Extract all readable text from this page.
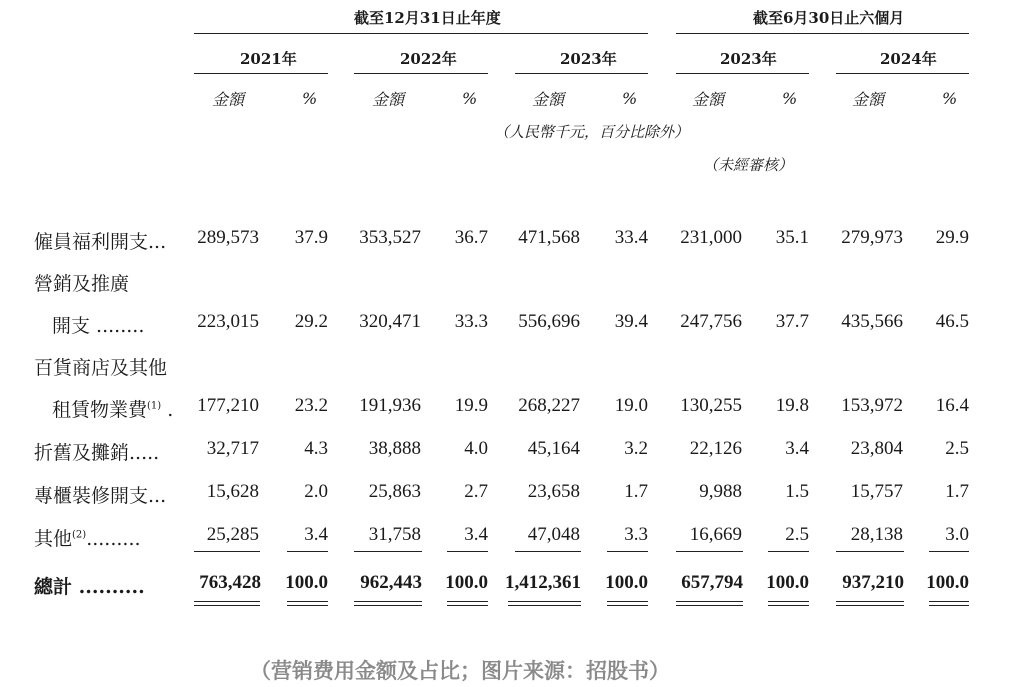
截至12月31日止年度	截至6月30日止六個月
2021年	2022年	2023年	2023年	2024年
金額	%	金額	%	金額	%	金額	%	金額	%
（人民幣千元，百分比除外）
（未經審核）
僱員福利開支... 289,573 37.9 353,527 36.7 471,568 33.4 231,000 35.1 279,973 29.9
營銷及推廣
開支 ........	223,015 29.2 320,471 33.3 556,696 39.4 247,756 37.7 435,566 46.5
百貨商店及其他
租賃物業費$^{(1)}$ . 177,210 23.2 191,936 19.9 268,227 19.0 130,255 19.8 153,972 16.4
折舊及攤銷.....	32,717 4.3 38,888 4.0 45,164 3.2 22,126 3.4 23,804 2.5
專櫃裝修開支... 15,628 2.0 25,863 2.7 23,658 1.7	9,988 1.5 15,757 1.7
其他$^{(2)}$.........	25,285 3.4 31,758 3.4 47,048 3.3 16,669 2.5 28,138 3.0
總計 ..........	763,428 100.0 962,443 100.0 1,412,361 100.0 657,794 100.0 937,210 100.0
（营销费用金额及占比；图片来源：招股书）
